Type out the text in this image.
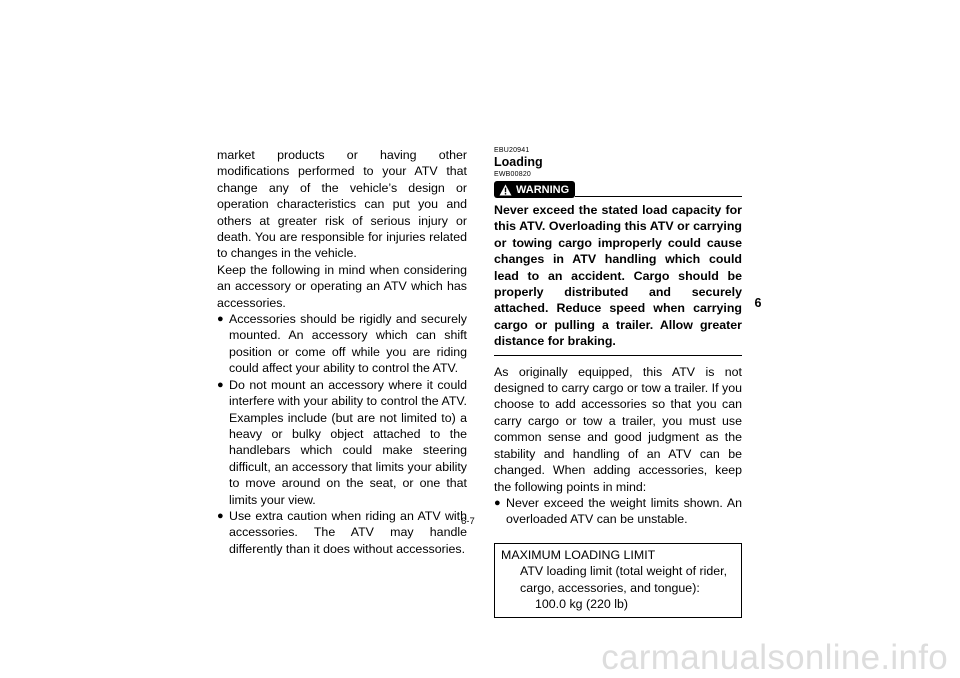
market products or having other modifications performed to your ATV that change any of the vehicle’s design or operation characteristics can put you and others at greater risk of serious injury or death. You are responsible for injuries related to changes in the vehicle.

Keep the following in mind when considering an accessory or operating an ATV which has accessories.

● Accessories should be rigidly and securely mounted. An accessory which can shift position or come off while you are riding could affect your ability to control the ATV.
● Do not mount an accessory where it could interfere with your ability to control the ATV. Examples include (but are not limited to) a heavy or bulky object attached to the handlebars which could make steering difficult, an accessory that limits your ability to move around on the seat, or one that limits your view.
● Use extra caution when riding an ATV with accessories. The ATV may handle differently than it does without accessories.
EBU20941
Loading
EWB00820
WARNING

Never exceed the stated load capacity for this ATV. Overloading this ATV or carrying or towing cargo improperly could cause changes in ATV handling which could lead to an accident. Cargo should be properly distributed and securely attached. Reduce speed when carrying cargo or pulling a trailer. Allow greater distance for braking.

As originally equipped, this ATV is not designed to carry cargo or tow a trailer. If you choose to add accessories so that you can carry cargo or tow a trailer, you must use common sense and good judgment as the stability and handling of an ATV can be changed. When adding accessories, keep the following points in mind:

● Never exceed the weight limits shown. An overloaded ATV can be unstable.
MAXIMUM LOADING LIMIT
ATV loading limit (total weight of rider, cargo, accessories, and tongue):
100.0 kg (220 lb)
6-7
6
carmanualsonline.info
